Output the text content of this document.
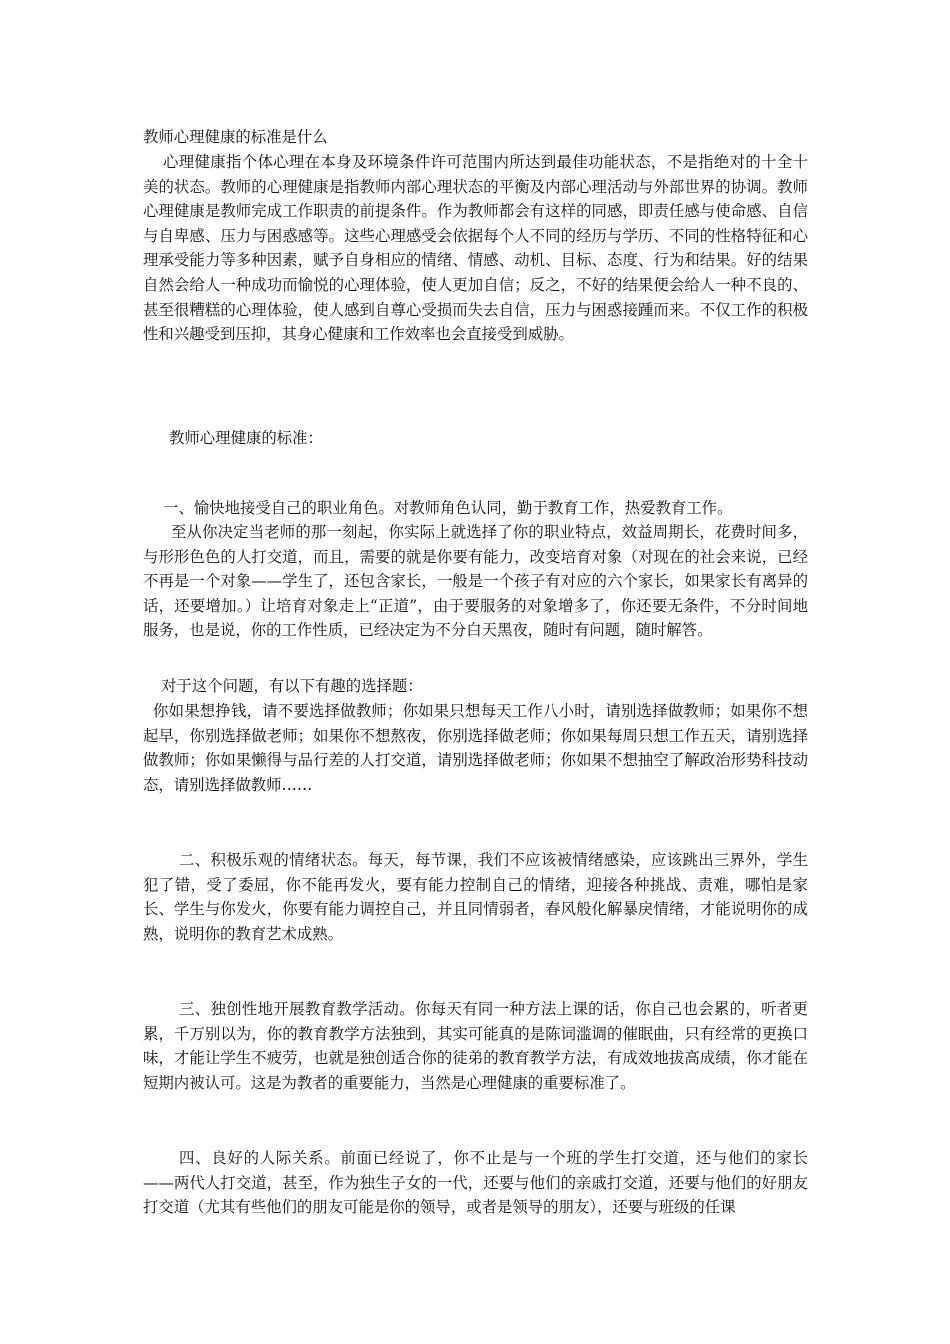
教师心理健康的标准是什么

心理健康指个体心理在本身及环境条件许可范围内所达到最佳功能状态，不是指绝对的十全十美的状态。教师的心理健康是指教师内部心理状态的平衡及内部心理活动与外部世界的协调。教师心理健康是教师完成工作职责的前提条件。作为教师都会有这样的同感，即责任感与使命感、自信与自卑感、压力与困惑感等。这些心理感受会依据每个人不同的经历与学历、不同的性格特征和心理承受能力等多种因素，赋予自身相应的情绪、情感、动机、目标、态度、行为和结果。好的结果自然会给人一种成功而愉悦的心理体验，使人更加自信；反之，不好的结果便会给人一种不良的、甚至很糟糕的心理体验，使人感到自尊心受损而失去自信，压力与困惑接踵而来。不仅工作的积极性和兴趣受到压抑，其身心健康和工作效率也会直接受到威胁。

教师心理健康的标准：

一、愉快地接受自己的职业角色。对教师角色认同，勤于教育工作，热爱教育工作。

至从你决定当老师的那一刻起，你实际上就选择了你的职业特点，效益周期长，花费时间多，与形形色色的人打交道，而且，需要的就是你要有能力，改变培育对象（对现在的社会来说，已经不再是一个对象——学生了，还包含家长，一般是一个孩子有对应的六个家长，如果家长有离异的话，还要增加。）让培育对象走上“正道”，由于要服务的对象增多了，你还要无条件，不分时间地服务，也是说，你的工作性质，已经决定为不分白天黑夜，随时有问题，随时解答。

对于这个问题，有以下有趣的选择题：

你如果想挣钱，请不要选择做教师；你如果只想每天工作八小时，请别选择做教师；如果你不想起早，你别选择做老师；如果你不想熬夜，你别选择做老师；你如果每周只想工作五天，请别选择做教师；你如果懒得与品行差的人打交道，请别选择做老师；你如果不想抽空了解政治形势科技动态，请别选择做教师……

二、积极乐观的情绪状态。每天，每节课，我们不应该被情绪感染，应该跳出三界外，学生犯了错，受了委屈，你不能再发火，要有能力控制自己的情绪，迎接各种挑战、责难，哪怕是家长、学生与你发火，你要有能力调控自己，并且同情弱者，春风般化解暴戾情绪，才能说明你的成熟，说明你的教育艺术成熟。

三、独创性地开展教育教学活动。你每天有同一种方法上课的话，你自己也会累的，听者更累，千万别以为，你的教育教学方法独到，其实可能真的是陈词滥调的催眠曲，只有经常的更换口味，才能让学生不疲劳，也就是独创适合你的徒弟的教育教学方法，有成效地拔高成绩，你才能在短期内被认可。这是为教者的重要能力，当然是心理健康的重要标准了。

四、良好的人际关系。前面已经说了，你不止是与一个班的学生打交道，还与他们的家长——两代人打交道，甚至，作为独生子女的一代，还要与他们的亲戚打交道，还要与他们的好朋友打交道（尤其有些他们的朋友可能是你的领导，或者是领导的朋友），还要与班级的任课
